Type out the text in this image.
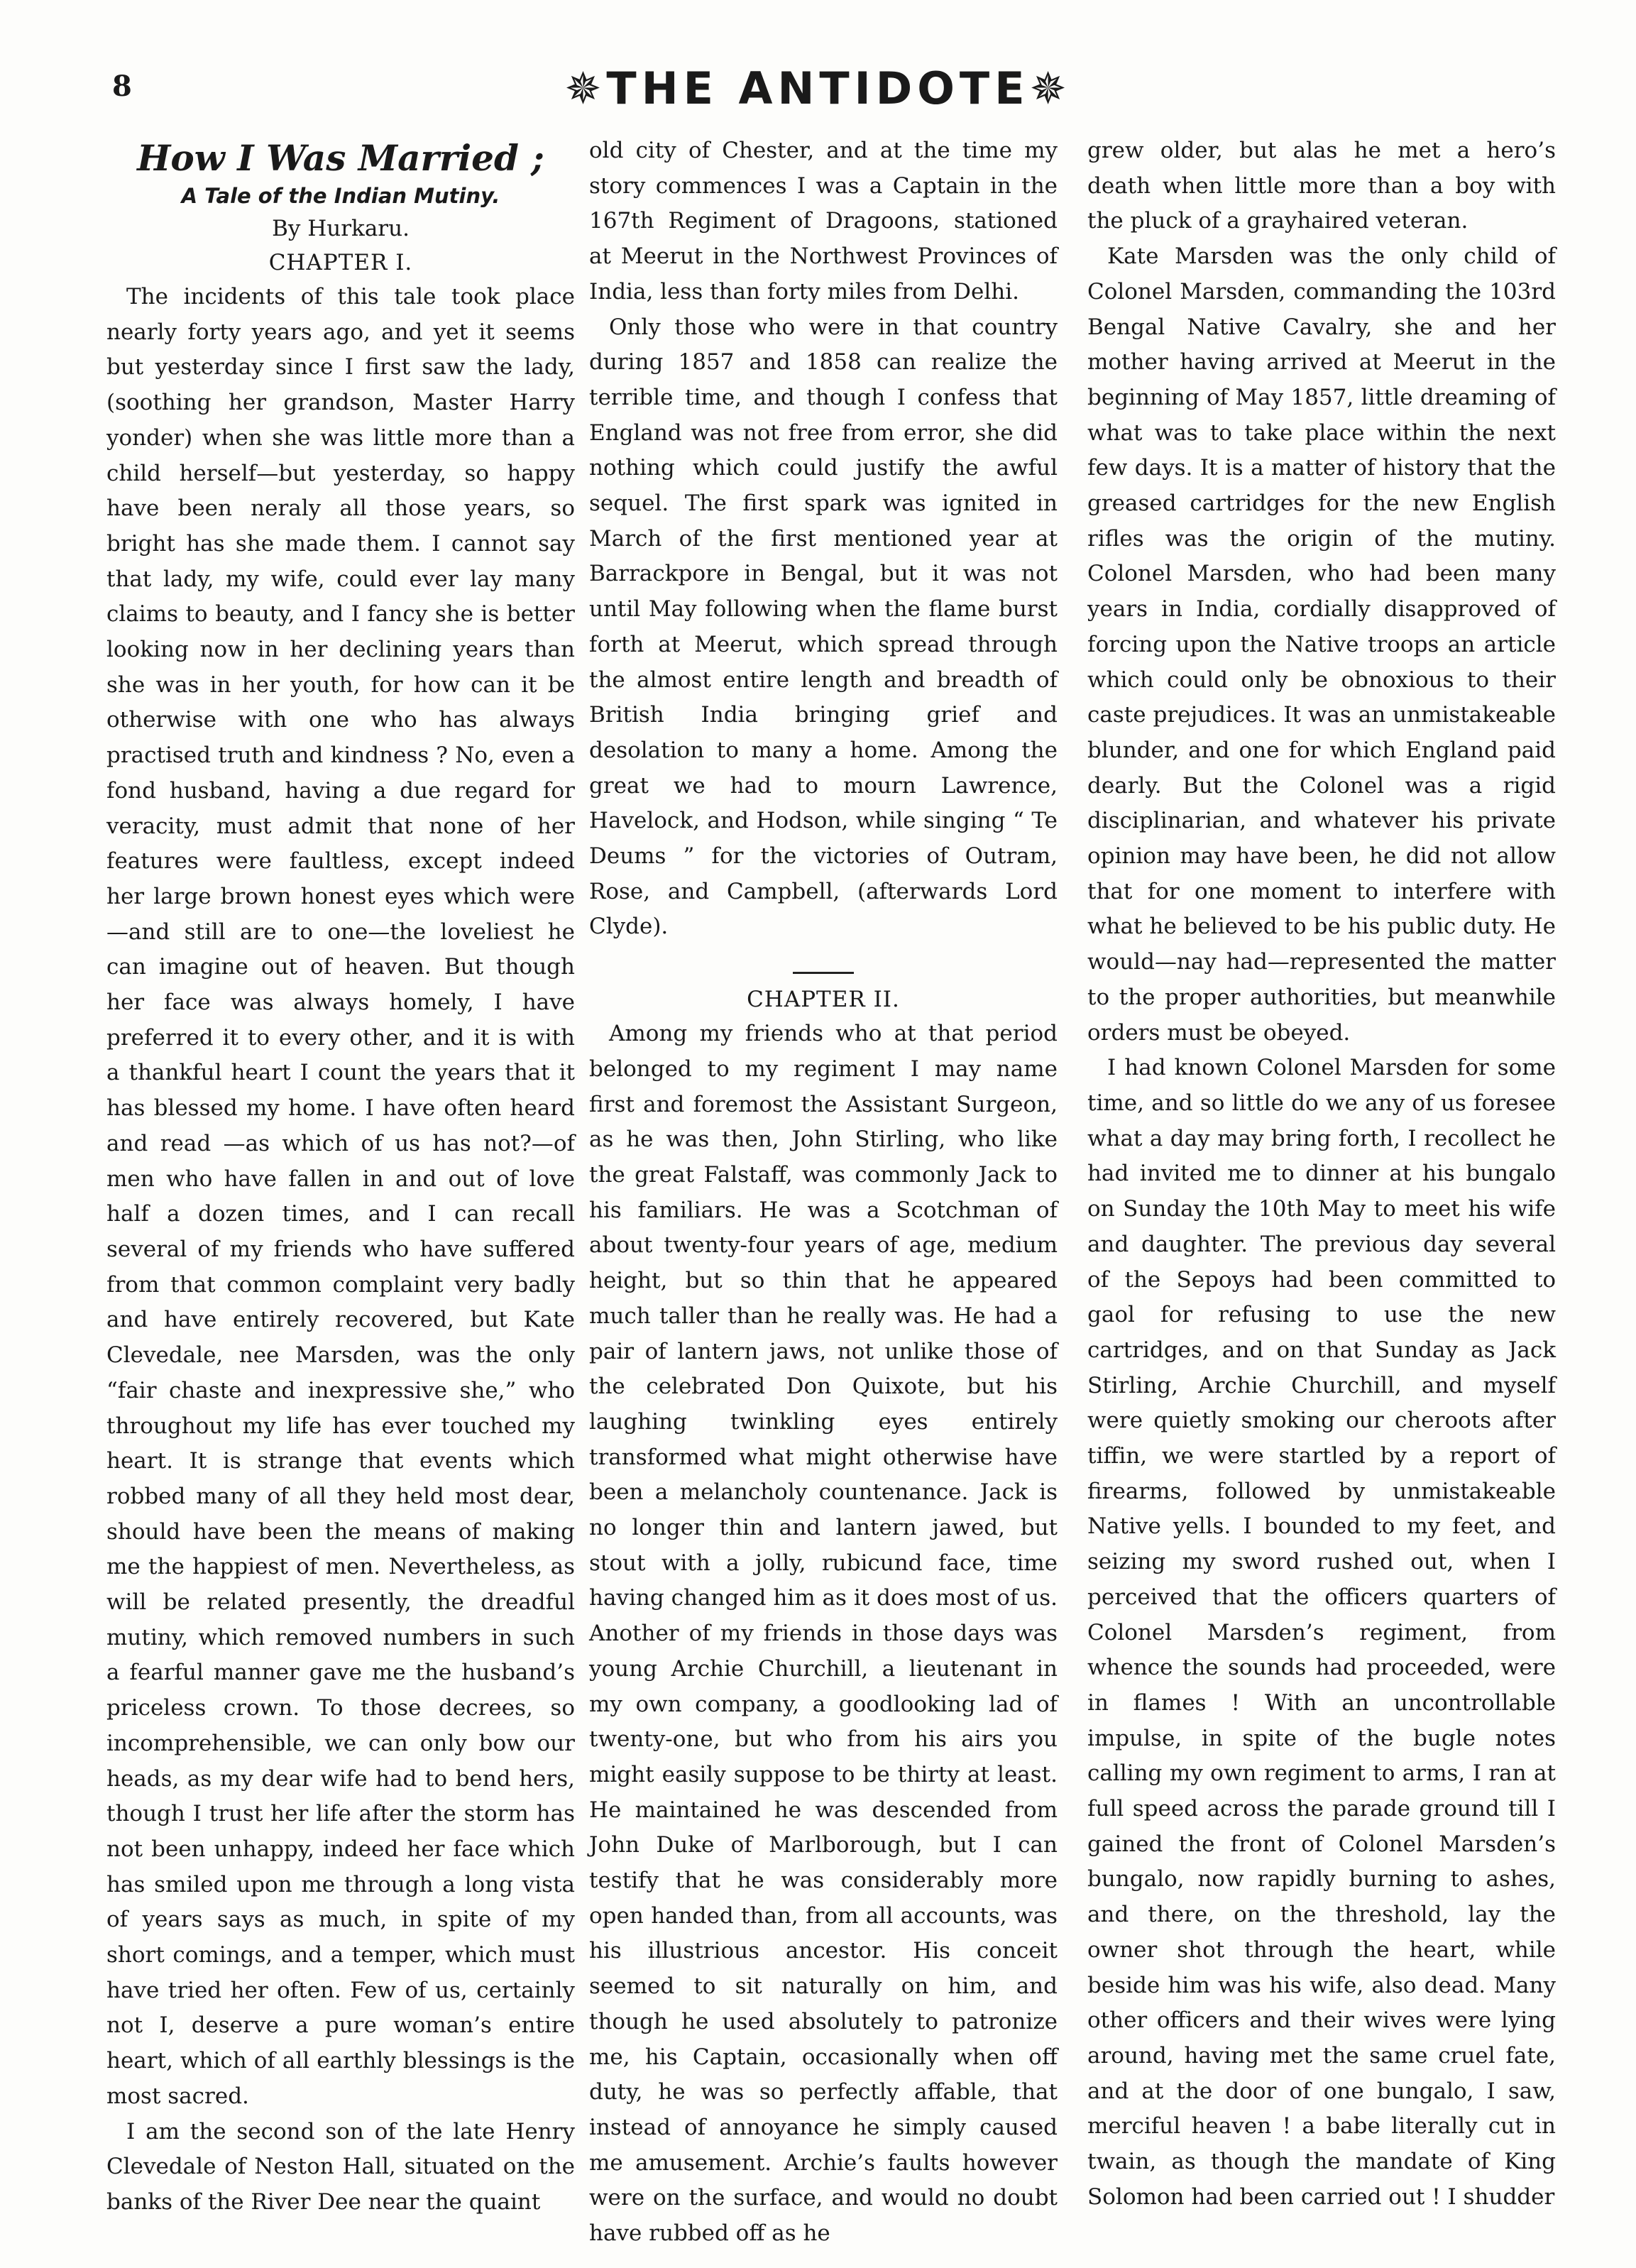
8	✵THE ANTIDOTE✵
How I Was Married ;
A Tale of the Indian Mutiny.
By Hurkaru.
CHAPTER I.

The incidents of this tale took place nearly forty years ago, and yet it seems but yesterday since I first saw the lady, (soothing her grandson, Master Harry yonder) when she was little more than a child herself—but yesterday, so happy have been neraly all those years, so bright has she made them. I cannot say that lady, my wife, could ever lay many claims to beauty, and I fancy she is better looking now in her declining years than she was in her youth, for how can it be otherwise with one who has always practised truth and kindness ? No, even a fond husband, having a due regard for veracity, must admit that none of her features were faultless, except indeed her large brown honest eyes which were—and still are to one—the loveliest he can imagine out of heaven. But though her face was always homely, I have preferred it to every other, and it is with a thankful heart I count the years that it has blessed my home. I have often heard and read —as which of us has not?—of men who have fallen in and out of love half a dozen times, and I can recall several of my friends who have suffered from that common complaint very badly and have entirely recovered, but Kate Clevedale, nee Marsden, was the only “fair chaste and inexpressive she,” who throughout my life has ever touched my heart. It is strange that events which robbed many of all they held most dear, should have been the means of making me the happiest of men. Nevertheless, as will be related presently, the dreadful mutiny, which removed numbers in such a fearful manner gave me the husband’s priceless crown. To those decrees, so incomprehensible, we can only bow our heads, as my dear wife had to bend hers, though I trust her life after the storm has not been unhappy, indeed her face which has smiled upon me through a long vista of years says as much, in spite of my short comings, and a temper, which must have tried her often. Few of us, certainly not I, deserve a pure woman’s entire heart, which of all earthly blessings is the most sacred.

I am the second son of the late Henry Clevedale of Neston Hall, situated on the banks of the River Dee near the quaint

old city of Chester, and at the time my story commences I was a Captain in the 167th Regiment of Dragoons, stationed at Meerut in the Northwest Provinces of India, less than forty miles from Delhi.

Only those who were in that country during 1857 and 1858 can realize the terrible time, and though I confess that England was not free from error, she did nothing which could justify the awful sequel. The first spark was ignited in March of the first mentioned year at Barrackpore in Bengal, but it was not until May following when the flame burst forth at Meerut, which spread through the almost entire length and breadth of British India bringing grief and desolation to many a home. Among the great we had to mourn Lawrence, Havelock, and Hodson, while singing “ Te Deums ” for the victories of Outram, Rose, and Campbell, (afterwards Lord Clyde).

CHAPTER II.

Among my friends who at that period belonged to my regiment I may name first and foremost the Assistant Surgeon, as he was then, John Stirling, who like the great Falstaff, was commonly Jack to his familiars. He was a Scotchman of about twenty-four years of age, medium height, but so thin that he appeared much taller than he really was. He had a pair of lantern jaws, not unlike those of the celebrated Don Quixote, but his laughing twinkling eyes entirely transformed what might otherwise have been a melancholy countenance. Jack is no longer thin and lantern jawed, but stout with a jolly, rubicund face, time having changed him as it does most of us. Another of my friends in those days was young Archie Churchill, a lieutenant in my own company, a goodlooking lad of twenty-one, but who from his airs you might easily suppose to be thirty at least. He maintained he was descended from John Duke of Marlborough, but I can testify that he was considerably more open handed than, from all accounts, was his illustrious ancestor. His conceit seemed to sit naturally on him, and though he used absolutely to patronize me, his Captain, occasionally when off duty, he was so perfectly affable, that instead of annoyance he simply caused me amusement. Archie’s faults however were on the surface, and would no doubt have rubbed off as he

grew older, but alas he met a hero’s death when little more than a boy with the pluck of a grayhaired veteran.

Kate Marsden was the only child of Colonel Marsden, commanding the 103rd Bengal Native Cavalry, she and her mother having arrived at Meerut in the beginning of May 1857, little dreaming of what was to take place within the next few days. It is a matter of history that the greased cartridges for the new English rifles was the origin of the mutiny. Colonel Marsden, who had been many years in India, cordially disapproved of forcing upon the Native troops an article which could only be obnoxious to their caste prejudices. It was an unmistakeable blunder, and one for which England paid dearly. But the Colonel was a rigid disciplinarian, and whatever his private opinion may have been, he did not allow that for one moment to interfere with what he believed to be his public duty. He would—nay had—represented the matter to the proper authorities, but meanwhile orders must be obeyed.

I had known Colonel Marsden for some time, and so little do we any of us foresee what a day may bring forth, I recollect he had invited me to dinner at his bungalo on Sunday the 10th May to meet his wife and daughter. The previous day several of the Sepoys had been committed to gaol for refusing to use the new cartridges, and on that Sunday as Jack Stirling, Archie Churchill, and myself were quietly smoking our cheroots after tiffin, we were startled by a report of firearms, followed by unmistakeable Native yells. I bounded to my feet, and seizing my sword rushed out, when I perceived that the officers quarters of Colonel Marsden’s regiment, from whence the sounds had proceeded, were in flames ! With an uncontrollable impulse, in spite of the bugle notes calling my own regiment to arms, I ran at full speed across the parade ground till I gained the front of Colonel Marsden’s bungalo, now rapidly burning to ashes, and there, on the threshold, lay the owner shot through the heart, while beside him was his wife, also dead. Many other officers and their wives were lying around, having met the same cruel fate, and at the door of one bungalo, I saw, merciful heaven ! a babe literally cut in twain, as though the mandate of King Solomon had been carried out ! I shudder
